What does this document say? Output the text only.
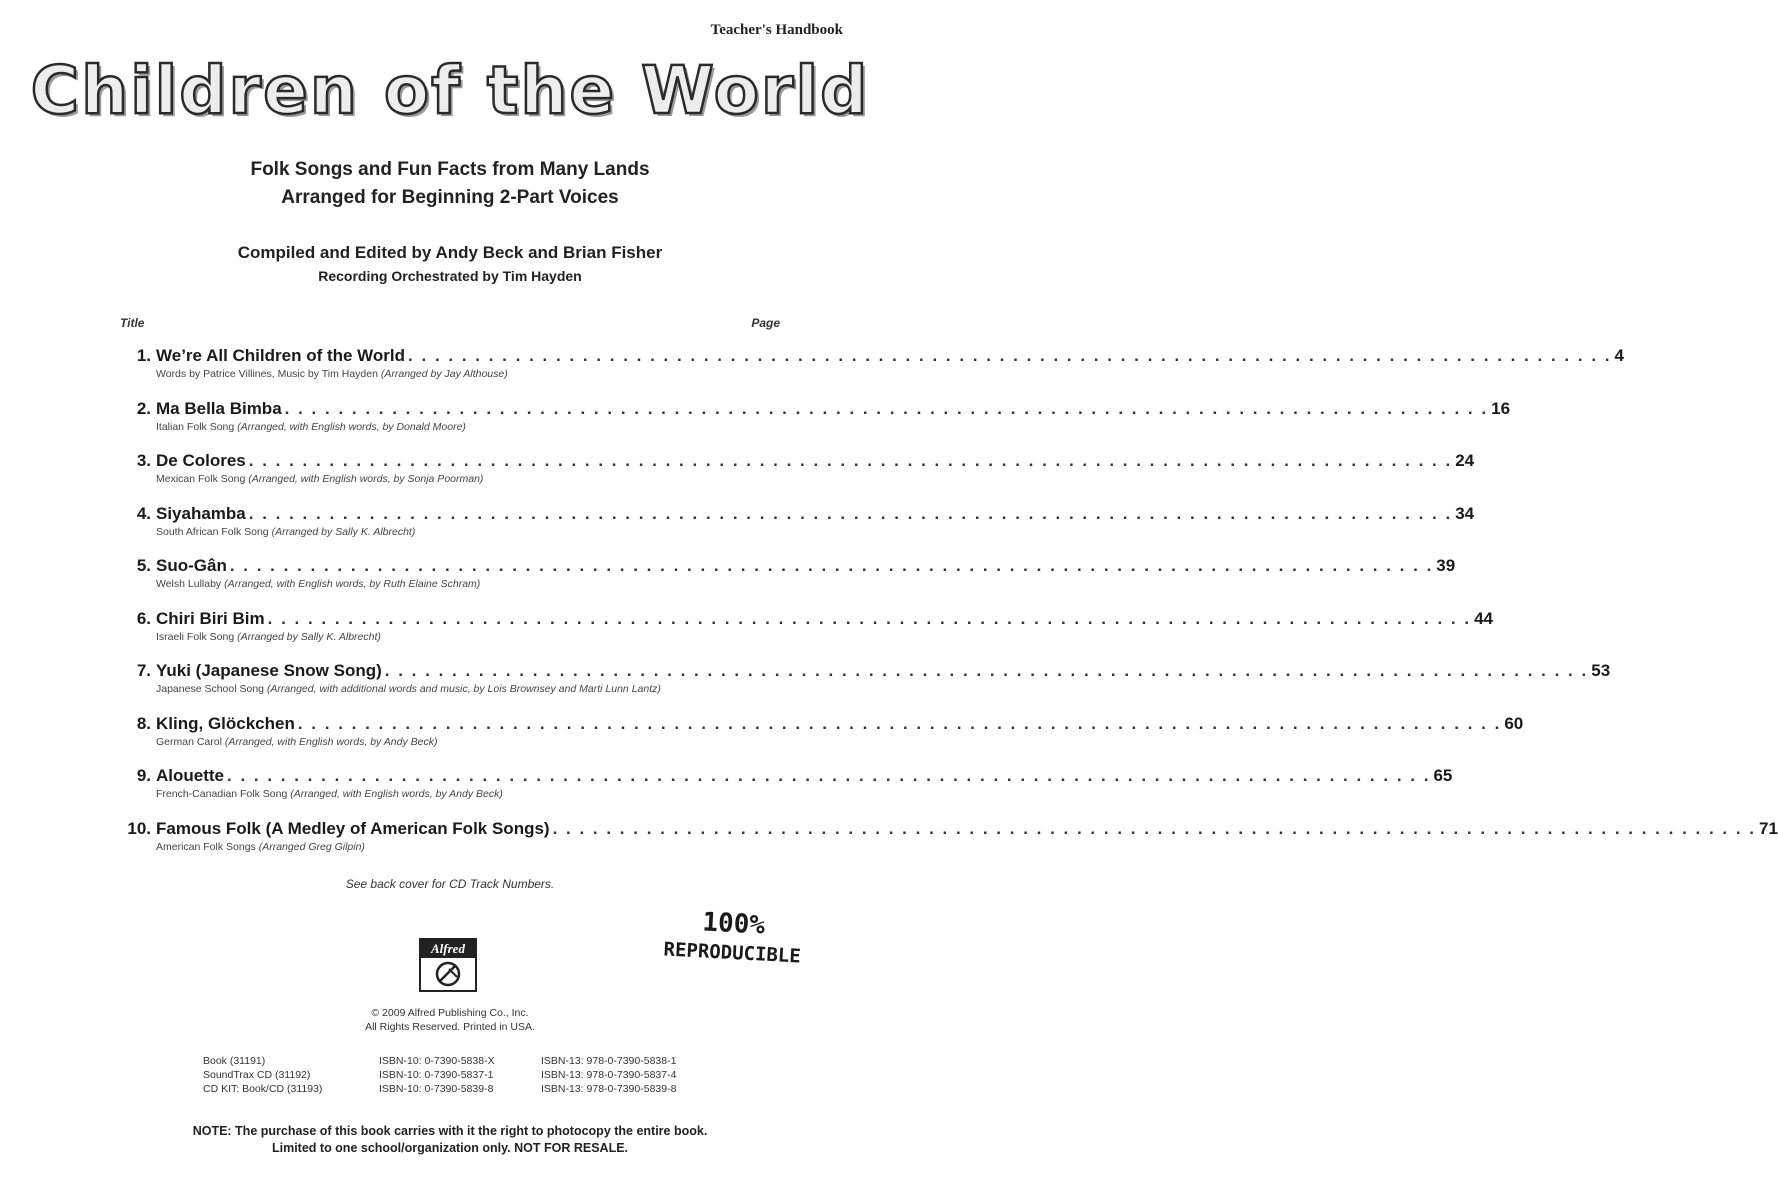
Teacher's Handbook
Children of the World
Folk Songs and Fun Facts from Many Lands
Arranged for Beginning 2-Part Voices
Compiled and Edited by Andy Beck and Brian Fisher
Recording Orchestrated by Tim Hayden
Title	Page
1. We’re All Children of the World . . . . . . . . . . . . . . . . . . . . . . . . . . . . . . . . . . . . . . . . . . . . . . . . . . . . . . . . . . . . . . . . . . . . . . . . . . . . . . . . . . . . . . . . . . 4
Words by Patrice Villines, Music by Tim Hayden (Arranged by Jay Althouse)
2. Ma Bella Bimba . . . . . . . . . . . . . . . . . . . . . . . . . . . . . . . . . . . . . . . . . . . . . . . . . . . . . . . . . . . . . . . . . . . . . . . . . . . . . . . . . . . . . . . . . . 16
Italian Folk Song (Arranged, with English words, by Donald Moore)
3. De Colores . . . . . . . . . . . . . . . . . . . . . . . . . . . . . . . . . . . . . . . . . . . . . . . . . . . . . . . . . . . . . . . . . . . . . . . . . . . . . . . . . . . . . . . . . . 24
Mexican Folk Song (Arranged, with English words, by Sonja Poorman)
4. Siyahamba . . . . . . . . . . . . . . . . . . . . . . . . . . . . . . . . . . . . . . . . . . . . . . . . . . . . . . . . . . . . . . . . . . . . . . . . . . . . . . . . . . . . . . . . . . 34
South African Folk Song (Arranged by Sally K. Albrecht)
5. Suo-Gân . . . . . . . . . . . . . . . . . . . . . . . . . . . . . . . . . . . . . . . . . . . . . . . . . . . . . . . . . . . . . . . . . . . . . . . . . . . . . . . . . . . . . . . . . . 39
Welsh Lullaby (Arranged, with English words, by Ruth Elaine Schram)
6. Chiri Biri Bim . . . . . . . . . . . . . . . . . . . . . . . . . . . . . . . . . . . . . . . . . . . . . . . . . . . . . . . . . . . . . . . . . . . . . . . . . . . . . . . . . . . . . . . . . . 44
Israeli Folk Song (Arranged by Sally K. Albrecht)
7. Yuki (Japanese Snow Song) . . . . . . . . . . . . . . . . . . . . . . . . . . . . . . . . . . . . . . . . . . . . . . . . . . . . . . . . . . . . . . . . . . . . . . . . . . . . . . . . . . . . . . . . . . 53
Japanese School Song (Arranged, with additional words and music, by Lois Brownsey and Marti Lunn Lantz)
8. Kling, Glöckchen . . . . . . . . . . . . . . . . . . . . . . . . . . . . . . . . . . . . . . . . . . . . . . . . . . . . . . . . . . . . . . . . . . . . . . . . . . . . . . . . . . . . . . . . . . 60
German Carol (Arranged, with English words, by Andy Beck)
9. Alouette . . . . . . . . . . . . . . . . . . . . . . . . . . . . . . . . . . . . . . . . . . . . . . . . . . . . . . . . . . . . . . . . . . . . . . . . . . . . . . . . . . . . . . . . . . 65
French-Canadian Folk Song (Arranged, with English words, by Andy Beck)
10. Famous Folk (A Medley of American Folk Songs) . . . . . . . . . . . . . . . . . . . . . . . . . . . . . . . . . . . . . . . . . . . . . . . . . . . . . . . . . . . . . . . . . . . . . . . . . . . . . . . . . . . . . . . . . . 71
American Folk Songs (Arranged Greg Gilpin)
See back cover for CD Track Numbers.
100%
REPRODUCIBLE
Alfred
© 2009 Alfred Publishing Co., Inc.
All Rights Reserved. Printed in USA.
Book (31191)	ISBN-10: 0-7390-5838-X	ISBN-13: 978-0-7390-5838-1
SoundTrax CD (31192)	ISBN-10: 0-7390-5837-1	ISBN-13: 978-0-7390-5837-4
CD KIT: Book/CD (31193)	ISBN-10: 0-7390-5839-8	ISBN-13: 978-0-7390-5839-8
NOTE: The purchase of this book carries with it the right to photocopy the entire book.
Limited to one school/organization only. NOT FOR RESALE.
